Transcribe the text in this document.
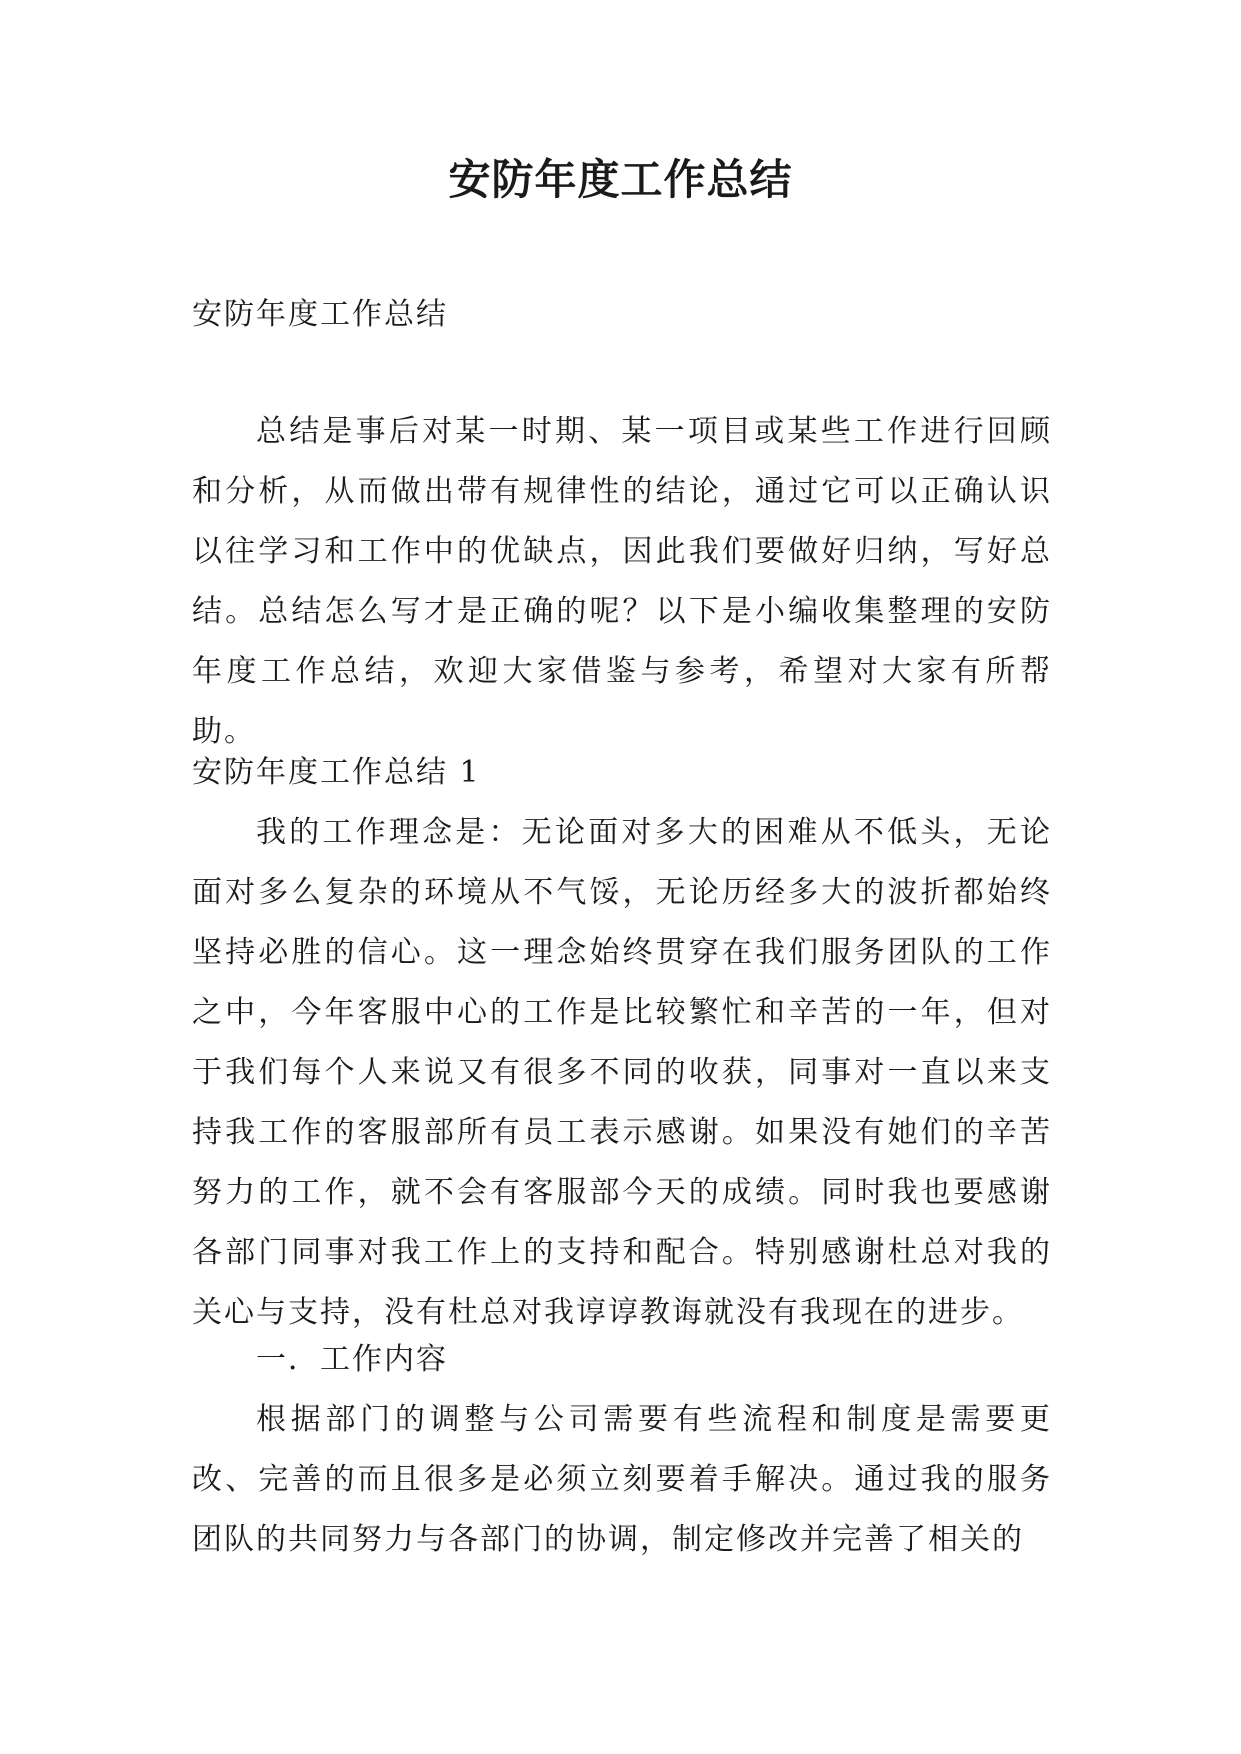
安防年度工作总结

安防年度工作总结

总结是事后对某一时期、某一项目或某些工作进行回顾和分析，从而做出带有规律性的结论，通过它可以正确认识以往学习和工作中的优缺点，因此我们要做好归纳，写好总结。总结怎么写才是正确的呢？以下是小编收集整理的安防年度工作总结，欢迎大家借鉴与参考，希望对大家有所帮助。

安防年度工作总结 1

我的工作理念是：无论面对多大的困难从不低头，无论面对多么复杂的环境从不气馁，无论历经多大的波折都始终坚持必胜的信心。这一理念始终贯穿在我们服务团队的工作之中，今年客服中心的工作是比较繁忙和辛苦的一年，但对于我们每个人来说又有很多不同的收获，同事对一直以来支持我工作的客服部所有员工表示感谢。如果没有她们的辛苦努力的工作，就不会有客服部今天的成绩。同时我也要感谢各部门同事对我工作上的支持和配合。特别感谢杜总对我的关心与支持，没有杜总对我谆谆教诲就没有我现在的进步。

一．工作内容

根据部门的调整与公司需要有些流程和制度是需要更改、完善的而且很多是必须立刻要着手解决。通过我的服务团队的共同努力与各部门的协调，制定修改并完善了相关的
